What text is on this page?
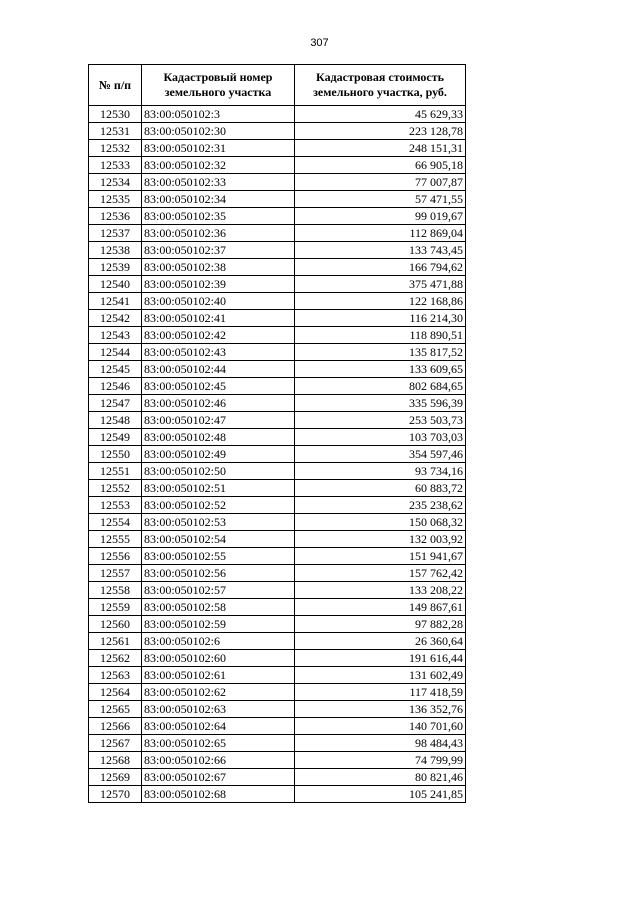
307
№ п/п	Кадастровый номер земельного участка	Кадастровая стоимость земельного участка, руб.
12530	83:00:050102:3	45 629,33
12531	83:00:050102:30	223 128,78
12532	83:00:050102:31	248 151,31
12533	83:00:050102:32	66 905,18
12534	83:00:050102:33	77 007,87
12535	83:00:050102:34	57 471,55
12536	83:00:050102:35	99 019,67
12537	83:00:050102:36	112 869,04
12538	83:00:050102:37	133 743,45
12539	83:00:050102:38	166 794,62
12540	83:00:050102:39	375 471,88
12541	83:00:050102:40	122 168,86
12542	83:00:050102:41	116 214,30
12543	83:00:050102:42	118 890,51
12544	83:00:050102:43	135 817,52
12545	83:00:050102:44	133 609,65
12546	83:00:050102:45	802 684,65
12547	83:00:050102:46	335 596,39
12548	83:00:050102:47	253 503,73
12549	83:00:050102:48	103 703,03
12550	83:00:050102:49	354 597,46
12551	83:00:050102:50	93 734,16
12552	83:00:050102:51	60 883,72
12553	83:00:050102:52	235 238,62
12554	83:00:050102:53	150 068,32
12555	83:00:050102:54	132 003,92
12556	83:00:050102:55	151 941,67
12557	83:00:050102:56	157 762,42
12558	83:00:050102:57	133 208,22
12559	83:00:050102:58	149 867,61
12560	83:00:050102:59	97 882,28
12561	83:00:050102:6	26 360,64
12562	83:00:050102:60	191 616,44
12563	83:00:050102:61	131 602,49
12564	83:00:050102:62	117 418,59
12565	83:00:050102:63	136 352,76
12566	83:00:050102:64	140 701,60
12567	83:00:050102:65	98 484,43
12568	83:00:050102:66	74 799,99
12569	83:00:050102:67	80 821,46
12570	83:00:050102:68	105 241,85
